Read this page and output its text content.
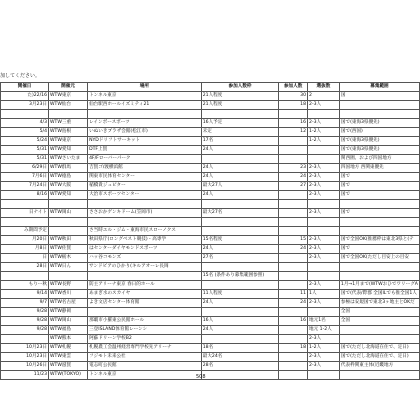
加してください。
開催日	開催元	場所	参加人数枠	参加人数	選抜数	募集範囲
た)22/16	WTW東京	トンネル東京	21人程度	30	2	国
3月23日	WTW仙台	仙台駅西ホールイズミティ21	21人程度	18	2-3人	

4/3	WTW三重	レインボースポーツ	16人予定	16	2-3人	国で(東海3県優先)
5/4	WTW島根	いぬいきブラザ会館(松江市)	未定	12	1-2人	国で(西国)
5/24	WTW東京	NYDドリフトサーキット	17名		1-2人	国で(東海3県優先)
5/31	WTW愛知	DTF上賀	24人			国で(東海3県優先)
5/31	WTWさいたま	4F/Fローバーパーク				関西圏、および四国地方
6/29日	WTW群馬	吉賀ゴ/渡横浜館	24人	23	2-3人	四国地方 西関東優先
7月6日	WTW徳島	関東市民体育センター	24人	24	2-3人	国で
7月24日	WTW大阪	稲橋貴ジュピター	最大27人	27	2-3人	国で
8/16	WTW愛知	大治市スポーツセンター	24人		2-3人	国で

日ナイト	WTW岡山	ささおかゲンキドーム(笠岡市)	最大27名		2-3人	国で

み期間予定		さ当時エル・ジム・東海市民スローノクス				
月20日	WTW秋田	秋田県庁(ロングベスト競技)・高専学	15名程度	15	2-3人	国で全国OK(推薦枠は東北3県と(テ
月8日	WTW佐賀	はセンターダイヤモンドスポーツ	24人	24	2-3人	国で
日	WTW栃木	ハッ谷コモンズ	27名		2-3人	国で全国OK(ただし目安上の目安
28日	WTW日ん	サンドビアのひかり(キルアオーレ長岡				
			15名 (条件あり募集範囲参照)			
もりー秋	WTW長野	防主アリーナ東京 春日的ホール			2-3人	1月→1月まで(WTWおひでワリーグA
9/14	WTW香川	あまぎ水のスカイヤ	11人程度	11	1人	国で(代表/際郡 全国ILでも推全国1人
9/7	WTW名古屋	よき文店センター体育館	24人	24	2-3人	参極は安規国で東北3ヶ地主とOKだ
9/28	WTW静岡					全国
9/28	WTW岡山	那覇市小羅東公民館ホール	16人	16	地元1名	全国
9/28	WTW福島	三登ISLAND体育館レーンシ	24人		地元 1-2人	
	WTW熊本	阿蘇ドリーン学校B2			2-3人	
10月23日	WTW札幌	札幌農工会温州経営専門学校先アリーナ	18名	18	1-2人	国で(ただし北海道在住で、定日)
10月23日	WTW東雲	フジモト未来公社	最大24名		2-3人	国で(ただし北海道在住で、定日)
10月26日	WTW滋賀	電志町公民館	28名		2-3人	代表枠関東主体(近畿地方
11/23	WTW(TOKYO)	トンネル東京					508
